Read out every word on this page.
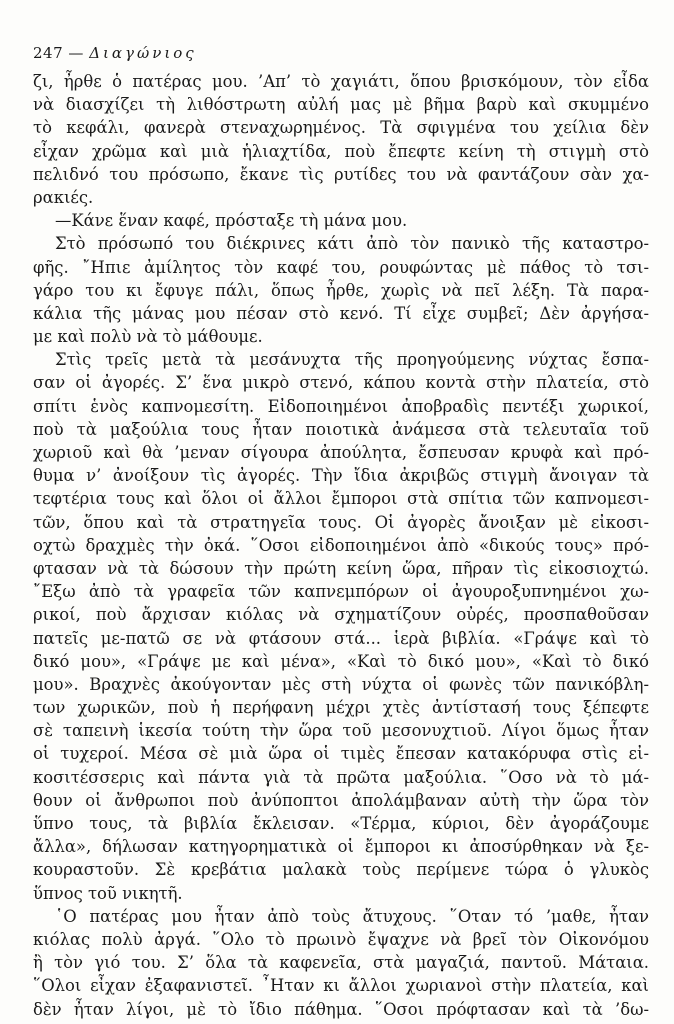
247 — Διαγώνιος
ζι, ἦρθε ὁ πατέρας μου. ’Απ’ τὸ χαγιάτι, ὅπου βρισκόμουν, τὸν εἶδα
νὰ διασχίζει τὴ λιθόστρωτη αὐλή μας μὲ βῆμα βαρὺ καὶ σκυμμένο
τὸ κεφάλι, φανερὰ στεναχωρημένος. Τὰ σφιγμένα του χείλια δὲν
εἶχαν χρῶμα καὶ μιὰ ἡλιαχτίδα, ποὺ ἔπεφτε κείνη τὴ στιγμὴ στὸ
πελιδνό του πρόσωπο, ἔκανε τὶς ρυτίδες του νὰ φαντάζουν σὰν χα-
ρακιές.
—Κάνε ἕναν καφέ, πρόσταξε τὴ μάνα μου.
Στὸ πρόσωπό του διέκρινες κάτι ἀπὸ τὸν πανικὸ τῆς καταστρο-
φῆς. ῎Ηπιε ἀμίλητος τὸν καφέ του, ρουφώντας μὲ πάθος τὸ τσι-
γάρο του κι ἔφυγε πάλι, ὅπως ἦρθε, χωρὶς νὰ πεῖ λέξη. Τὰ παρα-
κάλια τῆς μάνας μου πέσαν στὸ κενό. Τί εἶχε συμβεῖ; Δὲν ἀργήσα-
με καὶ πολὺ νὰ τὸ μάθουμε.
Στὶς τρεῖς μετὰ τὰ μεσάνυχτα τῆς προηγούμενης νύχτας ἔσπα-
σαν οἱ ἀγορές. Σ’ ἕνα μικρὸ στενό, κάπου κοντὰ στὴν πλατεία, στὸ
σπίτι ἑνὸς καπνομεσίτη. Εἰδοποιημένοι ἀποβραδὶς πεντέξι χωρικοί,
ποὺ τὰ μαξούλια τους ἦταν ποιοτικὰ ἀνάμεσα στὰ τελευταῖα τοῦ
χωριοῦ καὶ θὰ ’μεναν σίγουρα ἀπούλητα, ἔσπευσαν κρυφὰ καὶ πρό-
θυμα ν’ ἀνοίξουν τὶς ἀγορές. Τὴν ἴδια ἀκριβῶς στιγμὴ ἄνοιγαν τὰ
τεφτέρια τους καὶ ὅλοι οἱ ἄλλοι ἔμποροι στὰ σπίτια τῶν καπνομεσι-
τῶν, ὅπου καὶ τὰ στρατηγεῖα τους. Οἱ ἀγορὲς ἄνοιξαν μὲ εἰκοσι-
οχτὼ δραχμὲς τὴν ὀκά. ῞Οσοι εἰδοποιημένοι ἀπὸ «δικούς τους» πρό-
φτασαν νὰ τὰ δώσουν τὴν πρώτη κείνη ὥρα, πῆραν τὶς εἰκοσιοχτώ.
῎Εξω ἀπὸ τὰ γραφεῖα τῶν καπνεμπόρων οἱ ἀγουροξυπνημένοι χω-
ρικοί, ποὺ ἄρχισαν κιόλας νὰ σχηματίζουν οὐρές, προσπαθοῦσαν
πατεῖς με-πατῶ σε νὰ φτάσουν στά... ἱερὰ βιβλία. «Γράψε καὶ τὸ
δικό μου», «Γράψε με καὶ μένα», «Καὶ τὸ δικό μου», «Καὶ τὸ δικό
μου». Βραχνὲς ἀκούγονταν μὲς στὴ νύχτα οἱ φωνὲς τῶν πανικόβλη-
των χωρικῶν, ποὺ ἡ περήφανη μέχρι χτὲς ἀντίστασή τους ξέπεφτε
σὲ ταπεινὴ ἱκεσία τούτη τὴν ὥρα τοῦ μεσονυχτιοῦ. Λίγοι ὅμως ἦταν
οἱ τυχεροί. Μέσα σὲ μιὰ ὥρα οἱ τιμὲς ἔπεσαν κατακόρυφα στὶς εἰ-
κοσιτέσσερις καὶ πάντα γιὰ τὰ πρῶτα μαξούλια. ῞Οσο νὰ τὸ μά-
θουν οἱ ἄνθρωποι ποὺ ἀνύποπτοι ἀπολάμβαναν αὐτὴ τὴν ὥρα τὸν
ὕπνο τους, τὰ βιβλία ἔκλεισαν. «Τέρμα, κύριοι, δὲν ἀγοράζουμε
ἄλλα», δήλωσαν κατηγορηματικὰ οἱ ἔμποροι κι ἀποσύρθηκαν νὰ ξε-
κουραστοῦν. Σὲ κρεβάτια μαλακὰ τοὺς περίμενε τώρα ὁ γλυκὸς
ὕπνος τοῦ νικητῆ.
῾Ο πατέρας μου ἦταν ἀπὸ τοὺς ἄτυχους. ῞Οταν τό ’μαθε, ἦταν
κιόλας πολὺ ἀργά. ῞Ολο τὸ πρωινὸ ἔψαχνε νὰ βρεῖ τὸν Οἰκονόμου
ἢ τὸν γιό του. Σ’ ὅλα τὰ καφενεῖα, στὰ μαγαζιά, παντοῦ. Μάταια.
῞Ολοι εἶχαν ἐξαφανιστεῖ. ῏Ηταν κι ἄλλοι χωριανοὶ στὴν πλατεία, καὶ
δὲν ἦταν λίγοι, μὲ τὸ ἴδιο πάθημα. ῞Οσοι πρόφτασαν καὶ τὰ ’δω-
